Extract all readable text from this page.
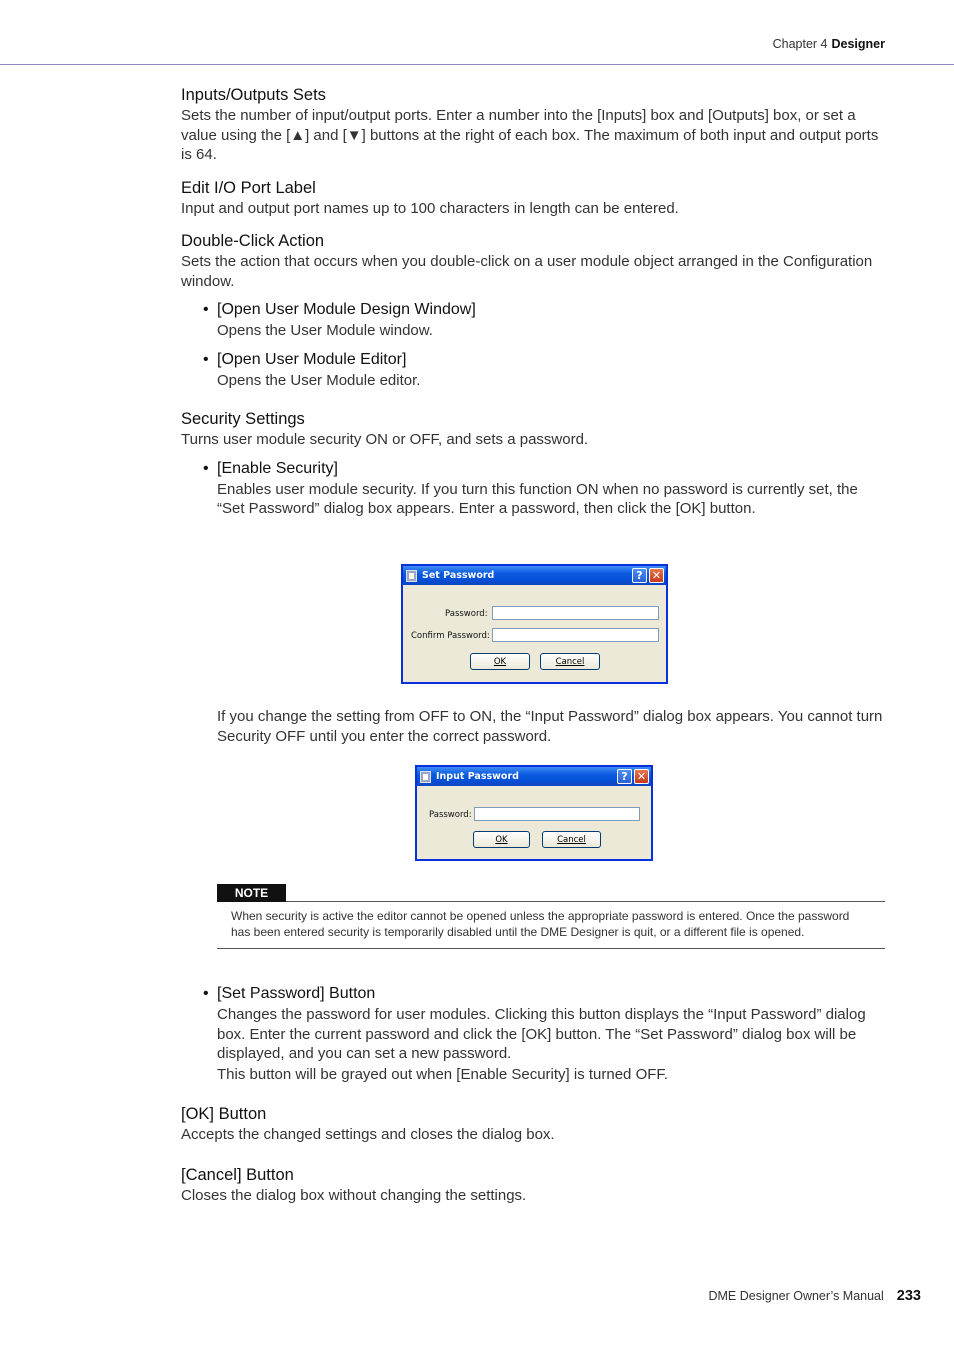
Chapter 4 Designer
Inputs/Outputs Sets

Sets the number of input/output ports. Enter a number into the [Inputs] box and [Outputs] box, or set a value using the [▲] and [▼] buttons at the right of each box. The maximum of both input and output ports is 64.

Edit I/O Port Label

Input and output port names up to 100 characters in length can be entered.

Double-Click Action

Sets the action that occurs when you double-click on a user module object arranged in the Configuration window.

• [Open User Module Design Window]

Opens the User Module window.

• [Open User Module Editor]

Opens the User Module editor.

Security Settings

Turns user module security ON or OFF, and sets a password.

• [Enable Security]

Enables user module security. If you turn this function ON when no password is currently set, the “Set Password” dialog box appears. Enter a password, then click the [OK] button.

Set Password	? ✕
Password:
Confirm Password:
OK	Cancel

If you change the setting from OFF to ON, the “Input Password” dialog box appears. You cannot turn Security OFF until you enter the correct password.

Input Password	? ✕
Password:
OK	Cancel
NOTE
When security is active the editor cannot be opened unless the appropriate password is entered. Once the password has been entered security is temporarily disabled until the DME Designer is quit, or a different file is opened.
• [Set Password] Button

Changes the password for user modules. Clicking this button displays the “Input Password” dialog box. Enter the current password and click the [OK] button. The “Set Password” dialog box will be displayed, and you can set a new password.

This button will be grayed out when [Enable Security] is turned OFF.

[OK] Button

Accepts the changed settings and closes the dialog box.

[Cancel] Button

Closes the dialog box without changing the settings.

DME Designer Owner’s Manual 233
